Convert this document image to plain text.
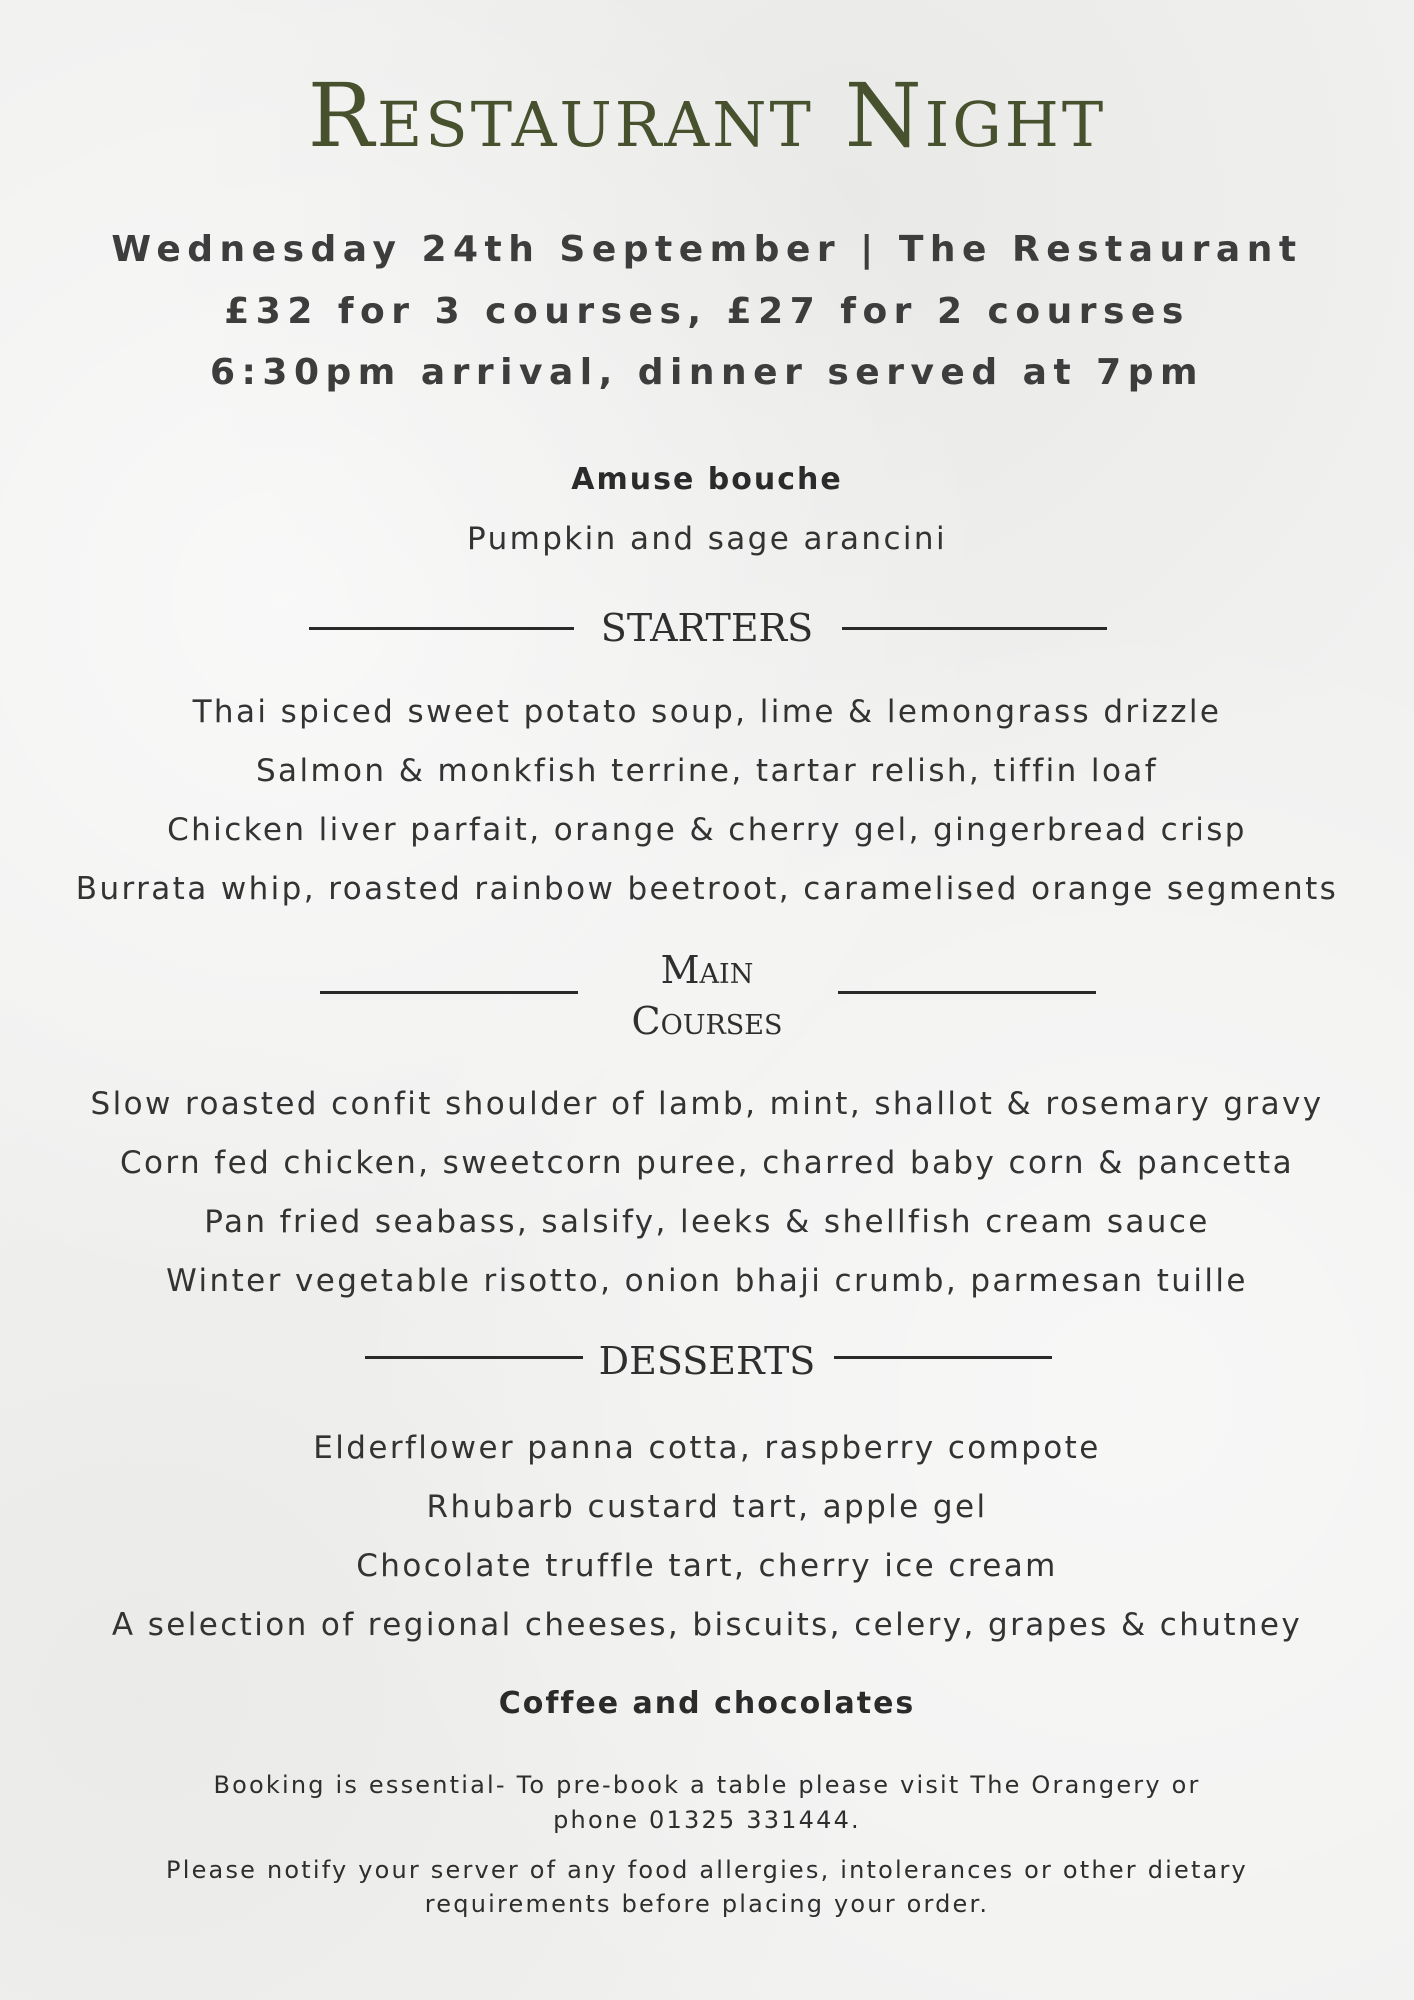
Restaurant Night
Wednesday 24th September | The Restaurant
£32 for 3 courses, £27 for 2 courses
6:30pm arrival, dinner served at 7pm
Amuse bouche
Pumpkin and sage arancini
STARTERS
Thai spiced sweet potato soup, lime & lemongrass drizzle
Salmon & monkfish terrine, tartar relish, tiffin loaf
Chicken liver parfait, orange & cherry gel, gingerbread crisp
Burrata whip, roasted rainbow beetroot, caramelised orange segments
Main
Courses
Slow roasted confit shoulder of lamb, mint, shallot & rosemary gravy
Corn fed chicken, sweetcorn puree, charred baby corn & pancetta
Pan fried seabass, salsify, leeks & shellfish cream sauce
Winter vegetable risotto, onion bhaji crumb, parmesan tuille
DESSERTS
Elderflower panna cotta, raspberry compote
Rhubarb custard tart, apple gel
Chocolate truffle tart, cherry ice cream
A selection of regional cheeses, biscuits, celery, grapes & chutney
Coffee and chocolates
Booking is essential- To pre-book a table please visit The Orangery or
phone 01325 331444.
Please notify your server of any food allergies, intolerances or other dietary
requirements before placing your order.
